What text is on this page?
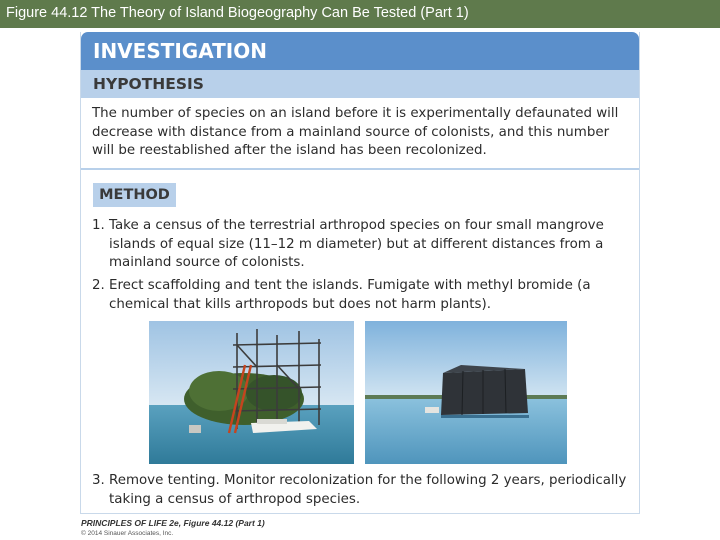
Figure 44.12 The Theory of Island Biogeography Can Be Tested (Part 1)
INVESTIGATION
HYPOTHESIS
The number of species on an island before it is experimentally defaunated will decrease with distance from a mainland source of colonists, and this number will be reestablished after the island has been recolonized.
METHOD
1. Take a census of the terrestrial arthropod species on four small mangrove islands of equal size (11–12 m diameter) but at different distances from a mainland source of colonists.
2. Erect scaffolding and tent the islands. Fumigate with methyl bromide (a chemical that kills arthropods but does not harm plants).
3. Remove tenting. Monitor recolonization for the following 2 years, periodically taking a census of arthropod species.
PRINCIPLES OF LIFE 2e, Figure 44.12 (Part 1)
© 2014 Sinauer Associates, Inc.
